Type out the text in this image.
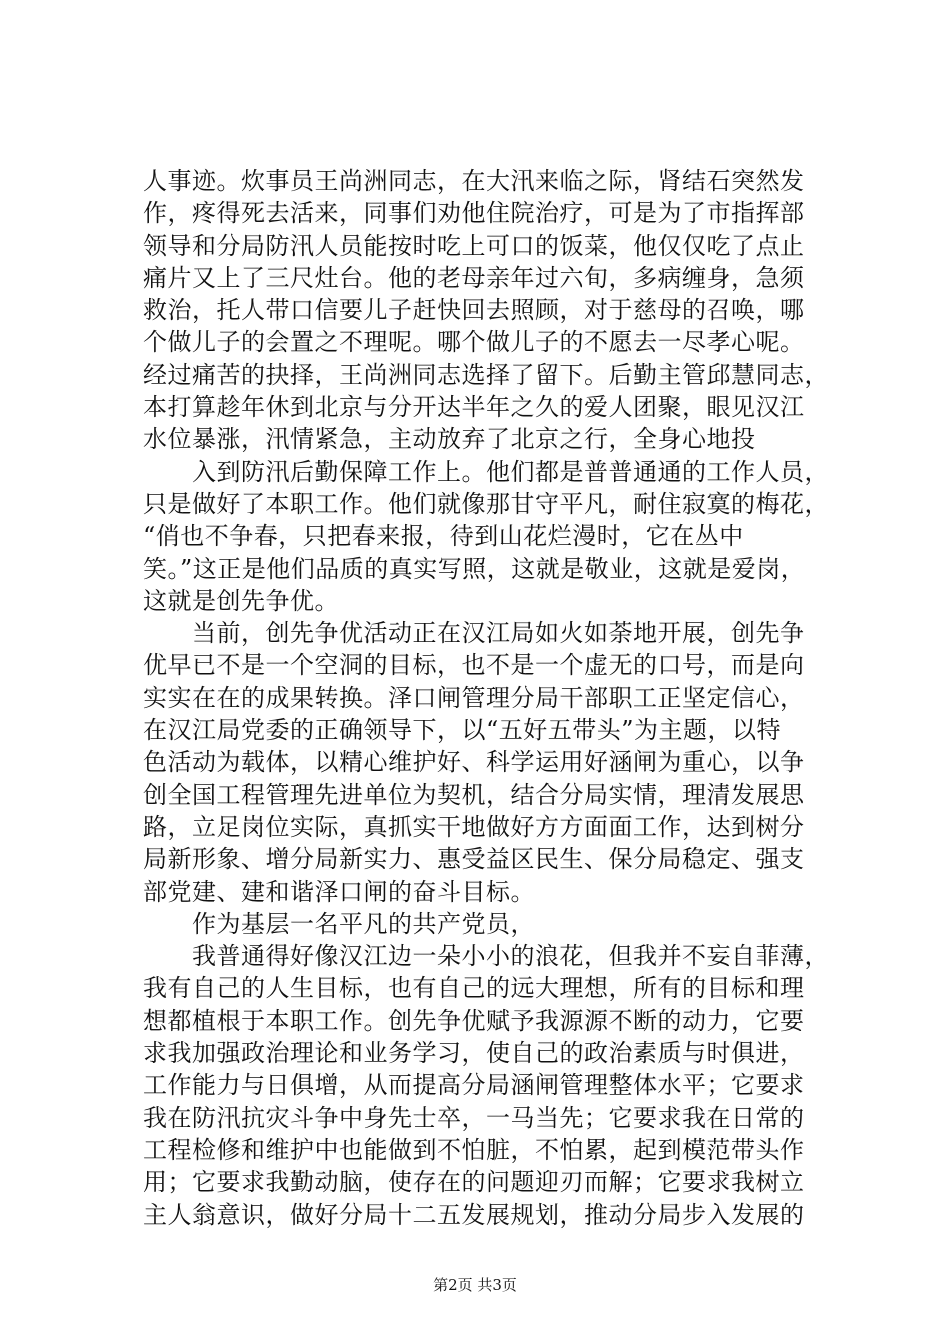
人事迹。炊事员王尚洲同志，在大汛来临之际，肾结石突然发
作，疼得死去活来，同事们劝他住院治疗，可是为了市指挥部
领导和分局防汛人员能按时吃上可口的饭菜，他仅仅吃了点止
痛片又上了三尺灶台。他的老母亲年过六旬，多病缠身，急须
救治，托人带口信要儿子赶快回去照顾，对于慈母的召唤，哪
个做儿子的会置之不理呢。哪个做儿子的不愿去一尽孝心呢。
经过痛苦的抉择，王尚洲同志选择了留下。后勤主管邱慧同志，
本打算趁年休到北京与分开达半年之久的爱人团聚，眼见汉江
水位暴涨，汛情紧急，主动放弃了北京之行，全身心地投
　　入到防汛后勤保障工作上。他们都是普普通通的工作人员，
只是做好了本职工作。他们就像那甘守平凡，耐住寂寞的梅花，
“俏也不争春，只把春来报，待到山花烂漫时，它在丛中
笑。”这正是他们品质的真实写照，这就是敬业，这就是爱岗，
这就是创先争优。
　　当前，创先争优活动正在汉江局如火如荼地开展，创先争
优早已不是一个空洞的目标，也不是一个虚无的口号，而是向
实实在在的成果转换。泽口闸管理分局干部职工正坚定信心，
在汉江局党委的正确领导下，以“五好五带头”为主题，以特
色活动为载体，以精心维护好、科学运用好涵闸为重心，以争
创全国工程管理先进单位为契机，结合分局实情，理清发展思
路，立足岗位实际，真抓实干地做好方方面面工作，达到树分
局新形象、增分局新实力、惠受益区民生、保分局稳定、强支
部党建、建和谐泽口闸的奋斗目标。
　　作为基层一名平凡的共产党员，
　　我普通得好像汉江边一朵小小的浪花，但我并不妄自菲薄，
我有自己的人生目标，也有自己的远大理想，所有的目标和理
想都植根于本职工作。创先争优赋予我源源不断的动力，它要
求我加强政治理论和业务学习，使自己的政治素质与时俱进，
工作能力与日俱增，从而提高分局涵闸管理整体水平；它要求
我在防汛抗灾斗争中身先士卒，一马当先；它要求我在日常的
工程检修和维护中也能做到不怕脏，不怕累，起到模范带头作
用；它要求我勤动脑，使存在的问题迎刃而解；它要求我树立
主人翁意识，做好分局十二五发展规划，推动分局步入发展的
第2页 共3页
